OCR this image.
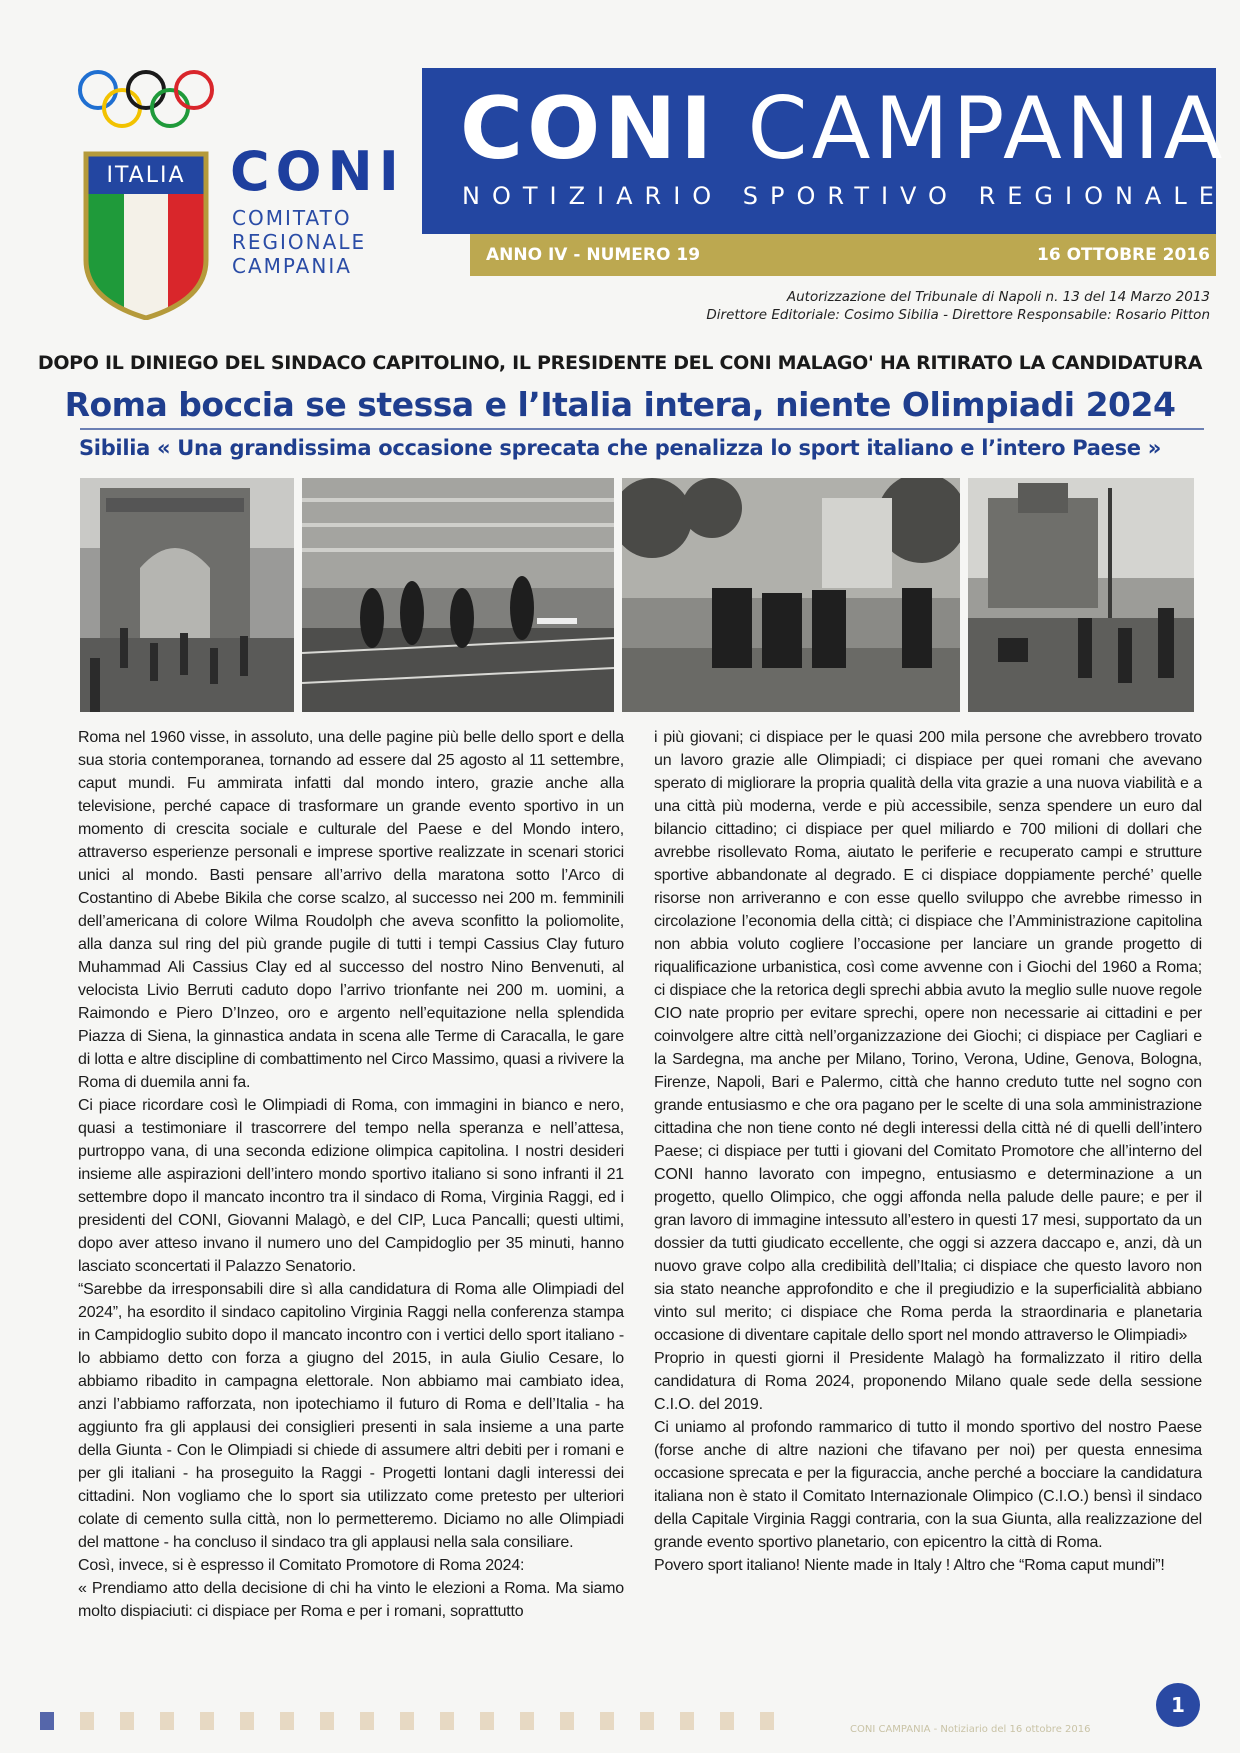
ITALIA CONI
COMITATO
REGIONALE
CAMPANIA
CONI CAMPANIA
NOTIZIARIO SPORTIVO REGIONALE
ANNO IV - NUMERO 19	16 OTTOBRE 2016
Autorizzazione del Tribunale di Napoli n. 13 del 14 Marzo 2013
Direttore Editoriale: Cosimo Sibilia - Direttore Responsabile: Rosario Pitton
DOPO IL DINIEGO DEL SINDACO CAPITOLINO, IL PRESIDENTE DEL CONI MALAGO' HA RITIRATO LA CANDIDATURA
Roma boccia se stessa e l’Italia intera, niente Olimpiadi 2024
Sibilia « Una grandissima occasione sprecata che penalizza lo sport italiano e l’intero Paese »

Roma nel 1960 visse, in assoluto, una delle pagine più belle dello sport e della sua storia contemporanea, tornando ad essere dal 25 agosto al 11 settembre, caput mundi. Fu ammirata infatti dal mondo intero, grazie anche alla televisione, perché capace di trasformare un grande evento sportivo in un momento di crescita sociale e culturale del Paese e del Mondo intero, attraverso esperienze personali e imprese sportive realizzate in scenari storici unici al mondo. Basti pensare all’arrivo della maratona sotto l’Arco di Costantino di Abebe Bikila che corse scalzo, al successo nei 200 m. femminili dell’americana di colore Wilma Roudolph che aveva sconfitto la poliomolite, alla danza sul ring del più grande pugile di tutti i tempi Cassius Clay futuro Muhammad Ali Cassius Clay ed al successo del nostro Nino Benvenuti, al velocista Livio Berruti caduto dopo l’arrivo trionfante nei 200 m. uomini, a Raimondo e Piero D’Inzeo, oro e argento nell’equitazione nella splendida Piazza di Siena, la ginnastica andata in scena alle Terme di Caracalla, le gare di lotta e altre discipline di combattimento nel Circo Massimo, quasi a rivivere la Roma di duemila anni fa.

Ci piace ricordare così le Olimpiadi di Roma, con immagini in bianco e nero, quasi a testimoniare il trascorrere del tempo nella speranza e nell’attesa, purtroppo vana, di una seconda edizione olimpica capitolina. I nostri desideri insieme alle aspirazioni dell’intero mondo sportivo italiano si sono infranti il 21 settembre dopo il mancato incontro tra il sindaco di Roma, Virginia Raggi, ed i presidenti del CONI, Giovanni Malagò, e del CIP, Luca Pancalli; questi ultimi, dopo aver atteso invano il numero uno del Campidoglio per 35 minuti, hanno lasciato sconcertati il Palazzo Senatorio.

“Sarebbe da irresponsabili dire sì alla candidatura di Roma alle Olimpiadi del 2024”, ha esordito il sindaco capitolino Virginia Raggi nella conferenza stampa in Campidoglio subito dopo il mancato incontro con i vertici dello sport italiano - lo abbiamo detto con forza a giugno del 2015, in aula Giulio Cesare, lo abbiamo ribadito in campagna elettorale. Non abbiamo mai cambiato idea, anzi l’abbiamo rafforzata, non ipotechiamo il futuro di Roma e dell’Italia - ha aggiunto fra gli applausi dei consiglieri presenti in sala insieme a una parte della Giunta - Con le Olimpiadi si chiede di assumere altri debiti per i romani e per gli italiani - ha proseguito la Raggi - Progetti lontani dagli interessi dei cittadini. Non vogliamo che lo sport sia utilizzato come pretesto per ulteriori colate di cemento sulla città, non lo permetteremo. Diciamo no alle Olimpiadi del mattone - ha concluso il sindaco tra gli applausi nella sala consiliare.

Così, invece, si è espresso il Comitato Promotore di Roma 2024:

« Prendiamo atto della decisione di chi ha vinto le elezioni a Roma. Ma siamo molto dispiaciuti: ci dispiace per Roma e per i romani, soprattutto

i più giovani; ci dispiace per le quasi 200 mila persone che avrebbero trovato un lavoro grazie alle Olimpiadi; ci dispiace per quei romani che avevano sperato di migliorare la propria qualità della vita grazie a una nuova viabilità e a una città più moderna, verde e più accessibile, senza spendere un euro dal bilancio cittadino; ci dispiace per quel miliardo e 700 milioni di dollari che avrebbe risollevato Roma, aiutato le periferie e recuperato campi e strutture sportive abbandonate al degrado. E ci dispiace doppiamente perché’ quelle risorse non arriveranno e con esse quello sviluppo che avrebbe rimesso in circolazione l’economia della città; ci dispiace che l’Amministrazione capitolina non abbia voluto cogliere l’occasione per lanciare un grande progetto di riqualificazione urbanistica, così come avvenne con i Giochi del 1960 a Roma; ci dispiace che la retorica degli sprechi abbia avuto la meglio sulle nuove regole CIO nate proprio per evitare sprechi, opere non necessarie ai cittadini e per coinvolgere altre città nell’organizzazione dei Giochi; ci dispiace per Cagliari e la Sardegna, ma anche per Milano, Torino, Verona, Udine, Genova, Bologna, Firenze, Napoli, Bari e Palermo, città che hanno creduto tutte nel sogno con grande entusiasmo e che ora pagano per le scelte di una sola amministrazione cittadina che non tiene conto né degli interessi della città né di quelli dell’intero Paese; ci dispiace per tutti i giovani del Comitato Promotore che all’interno del CONI hanno lavorato con impegno, entusiasmo e determinazione a un progetto, quello Olimpico, che oggi affonda nella palude delle paure; e per il gran lavoro di immagine intessuto all’estero in questi 17 mesi, supportato da un dossier da tutti giudicato eccellente, che oggi si azzera daccapo e, anzi, dà un nuovo grave colpo alla credibilità dell’Italia; ci dispiace che questo lavoro non sia stato neanche approfondito e che il pregiudizio e la superficialità abbiano vinto sul merito; ci dispiace che Roma perda la straordinaria e planetaria occasione di diventare capitale dello sport nel mondo attraverso le Olimpiadi»

Proprio in questi giorni il Presidente Malagò ha formalizzato il ritiro della candidatura di Roma 2024, proponendo Milano quale sede della sessione C.I.O. del 2019.

Ci uniamo al profondo rammarico di tutto il mondo sportivo del nostro Paese (forse anche di altre nazioni che tifavano per noi) per questa ennesima occasione sprecata e per la figuraccia, anche perché a bocciare la candidatura italiana non è stato il Comitato Internazionale Olimpico (C.I.O.) bensì il sindaco della Capitale Virginia Raggi contraria, con la sua Giunta, alla realizzazione del grande evento sportivo planetario, con epicentro la città di Roma.

Povero sport italiano! Niente made in Italy ! Altro che “Roma caput mundi”!

CONI CAMPANIA - Notiziario del 16 ottobre 2016
1
